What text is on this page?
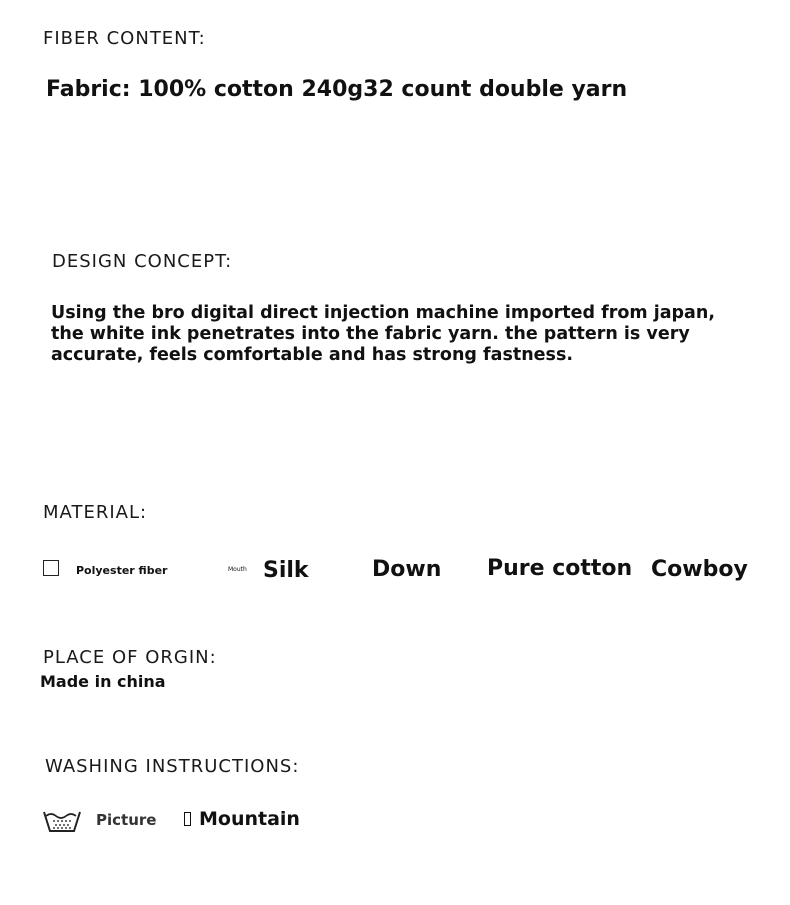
FIBER CONTENT:
Fabric: 100% cotton 240g32 count double yarn
DESIGN CONCEPT:
Using the bro digital direct injection machine imported from japan, the white ink penetrates into the fabric yarn. the pattern is very accurate, feels comfortable and has strong fastness.
MATERIAL:
Polyester fiber	Mouth Silk	Down Pure cotton Cowboy
PLACE OF ORGIN:
Made in china
WASHING INSTRUCTIONS:
Picture	Mountain
